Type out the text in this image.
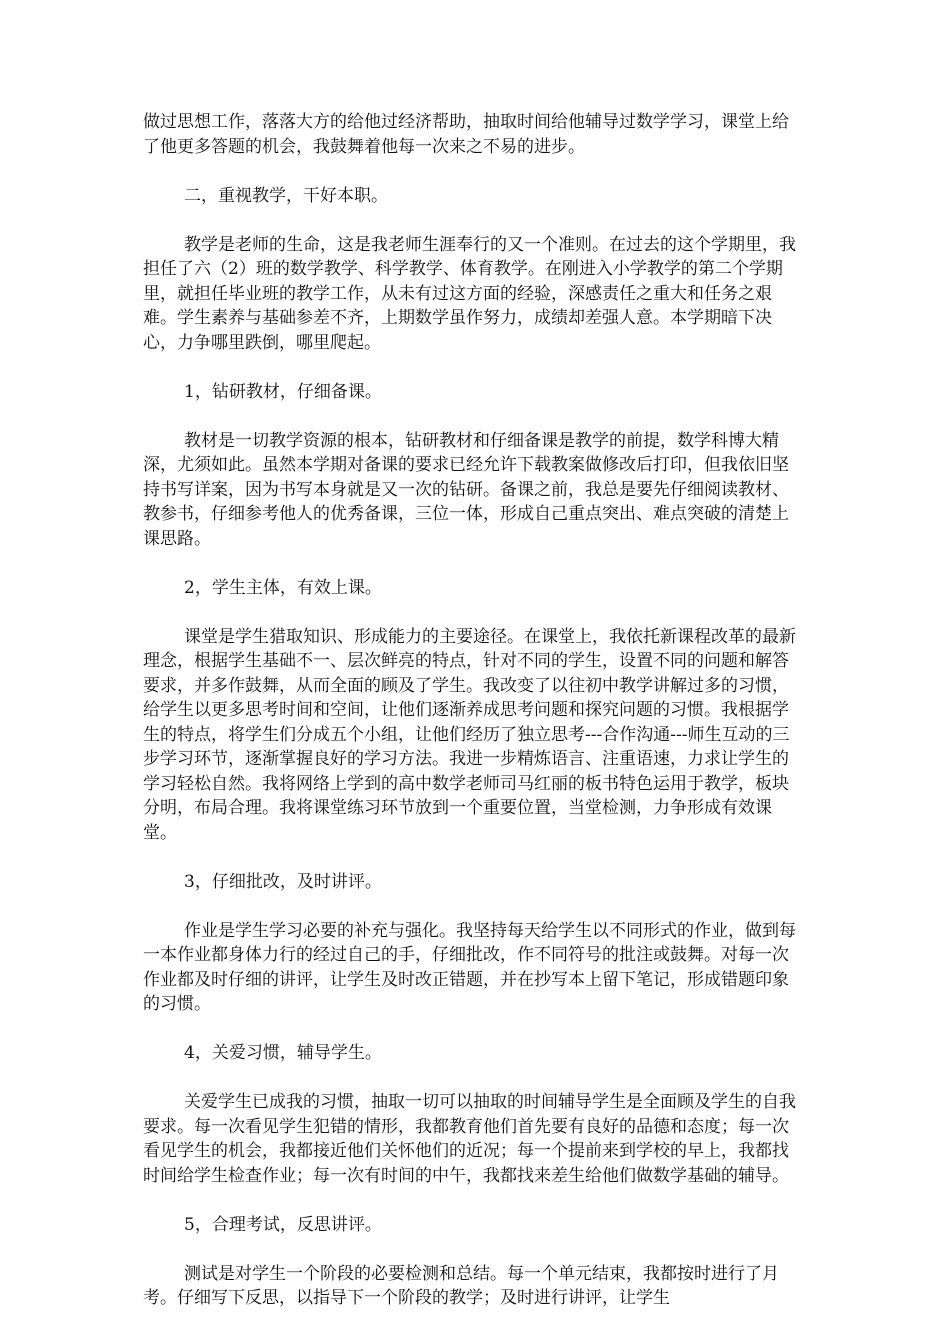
做过思想工作，落落大方的给他过经济帮助，抽取时间给他辅导过数学学习，课堂上给了他更多答题的机会，我鼓舞着他每一次来之不易的进步。

二，重视教学，干好本职。

教学是老师的生命，这是我老师生涯奉行的又一个准则。在过去的这个学期里，我担任了六（2）班的数学教学、科学教学、体育教学。在刚进入小学教学的第二个学期里，就担任毕业班的教学工作，从未有过这方面的经验，深感责任之重大和任务之艰难。学生素养与基础参差不齐，上期数学虽作努力，成绩却差强人意。本学期暗下决心，力争哪里跌倒，哪里爬起。

1，钻研教材，仔细备课。

教材是一切教学资源的根本，钻研教材和仔细备课是教学的前提，数学科博大精深，尤须如此。虽然本学期对备课的要求已经允许下载教案做修改后打印，但我依旧坚持书写详案，因为书写本身就是又一次的钻研。备课之前，我总是要先仔细阅读教材、教参书，仔细参考他人的优秀备课，三位一体，形成自己重点突出、难点突破的清楚上课思路。

2，学生主体，有效上课。

课堂是学生猎取知识、形成能力的主要途径。在课堂上，我依托新课程改革的最新理念，根据学生基础不一、层次鲜亮的特点，针对不同的学生，设置不同的问题和解答要求，并多作鼓舞，从而全面的顾及了学生。我改变了以往初中教学讲解过多的习惯，给学生以更多思考时间和空间，让他们逐渐养成思考问题和探究问题的习惯。我根据学生的特点，将学生们分成五个小组，让他们经历了独立思考---合作沟通---师生互动的三步学习环节，逐渐掌握良好的学习方法。我进一步精炼语言、注重语速，力求让学生的学习轻松自然。我将网络上学到的高中数学老师司马红丽的板书特色运用于教学，板块分明，布局合理。我将课堂练习环节放到一个重要位置，当堂检测，力争形成有效课堂。

3，仔细批改，及时讲评。

作业是学生学习必要的补充与强化。我坚持每天给学生以不同形式的作业，做到每一本作业都身体力行的经过自己的手，仔细批改，作不同符号的批注或鼓舞。对每一次作业都及时仔细的讲评，让学生及时改正错题，并在抄写本上留下笔记，形成错题印象的习惯。

4，关爱习惯，辅导学生。

关爱学生已成我的习惯，抽取一切可以抽取的时间辅导学生是全面顾及学生的自我要求。每一次看见学生犯错的情形，我都教育他们首先要有良好的品德和态度；每一次看见学生的机会，我都接近他们关怀他们的近况；每一个提前来到学校的早上，我都找时间给学生检查作业；每一次有时间的中午，我都找来差生给他们做数学基础的辅导。

5，合理考试，反思讲评。

测试是对学生一个阶段的必要检测和总结。每一个单元结束，我都按时进行了月考。仔细写下反思，以指导下一个阶段的教学；及时进行讲评，让学生
